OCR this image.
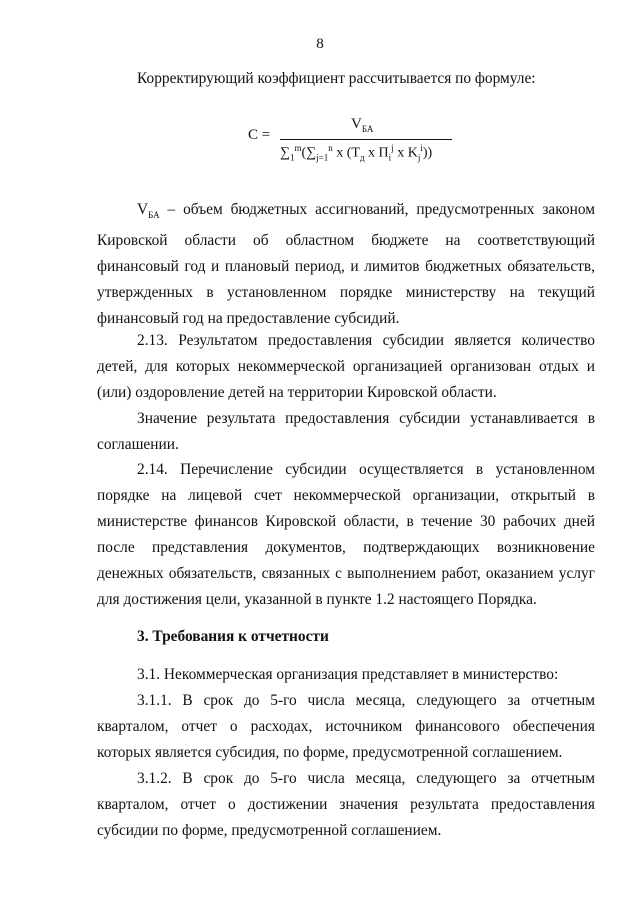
8
Корректирующий коэффициент рассчитывается по формуле:
C =
$V_{БА}$
$\sum_1^m(\sum_{j=1}^n$ x ($T_д$ x $П_i^j$ x $K_j^i$))
$V_{БА}$ – объем бюджетных ассигнований, предусмотренных законом Кировской области об областном бюджете на соответствующий финансовый год и плановый период, и лимитов бюджетных обязательств, утвержденных в установленном порядке министерству на текущий финансовый год на предоставление субсидий.
2.13. Результатом предоставления субсидии является количество детей, для которых некоммерческой организацией организован отдых и (или) оздоровление детей на территории Кировской области.
Значение результата предоставления субсидии устанавливается в соглашении.
2.14. Перечисление субсидии осуществляется в установленном порядке на лицевой счет некоммерческой организации, открытый в министерстве финансов Кировской области, в течение 30 рабочих дней после представления документов, подтверждающих возникновение денежных обязательств, связанных с выполнением работ, оказанием услуг для достижения цели, указанной в пункте 1.2 настоящего Порядка.
3. Требования к отчетности
3.1. Некоммерческая организация представляет в министерство:
3.1.1. В срок до 5-го числа месяца, следующего за отчетным кварталом, отчет о расходах, источником финансового обеспечения которых является субсидия, по форме, предусмотренной соглашением.
3.1.2. В срок до 5-го числа месяца, следующего за отчетным кварталом, отчет о достижении значения результата предоставления субсидии по форме, предусмотренной соглашением.
